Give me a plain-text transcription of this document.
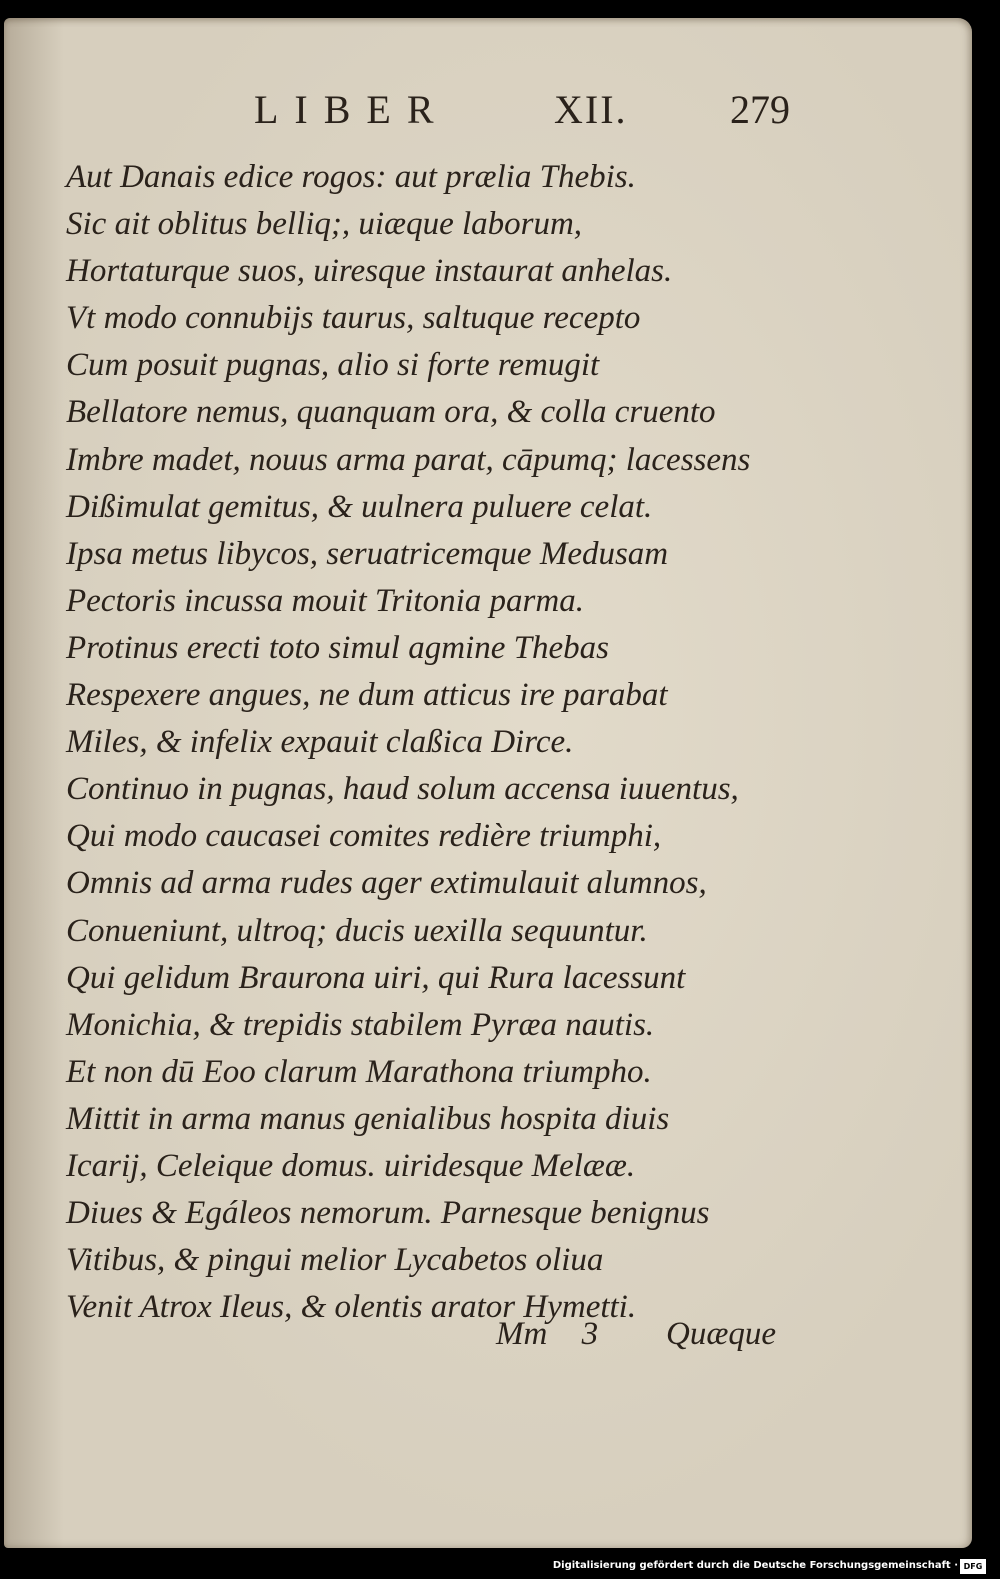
LIBER	XII.	279
Aut Danais edice rogos: aut prælia Thebis.
Sic ait oblitus belliq;, uiæque laborum,
Hortaturque suos, uiresque instaurat anhelas.
Vt modo connubijs taurus, saltuque recepto
Cum posuit pugnas, alio si forte remugit
Bellatore nemus, quanquam ora, & colla cruento
Imbre madet, nouus arma parat, cāpumq; lacessens
Dißimulat gemitus, & uulnera puluere celat.
Ipsa metus libycos, seruatricemque Medusam
Pectoris incussa mouit Tritonia parma.
Protinus erecti toto simul agmine Thebas
Respexere angues, ne dum atticus ire parabat
Miles, & infelix expauit claßica Dirce.
Continuo in pugnas, haud solum accensa iuuentus,
Qui modo caucasei comites redière triumphi,
Omnis ad arma rudes ager extimulauit alumnos,
Conueniunt, ultroq; ducis uexilla sequuntur.
Qui gelidum Braurona uiri, qui Rura lacessunt
Monichia, & trepidis stabilem Pyræa nautis.
Et non dū Eoo clarum Marathona triumpho.
Mittit in arma manus genialibus hospita diuis
Icarij, Celeique domus. uiridesque Melææ.
Diues & Egáleos nemorum. Parnesque benignus
Vitibus, & pingui melior Lycabetos oliua
Venit Atrox Ileus, & olentis arator Hymetti.
Mm 3 Quæque
Digitalisierung gefördert durch die Deutsche Forschungsgemeinschaft · DFG
